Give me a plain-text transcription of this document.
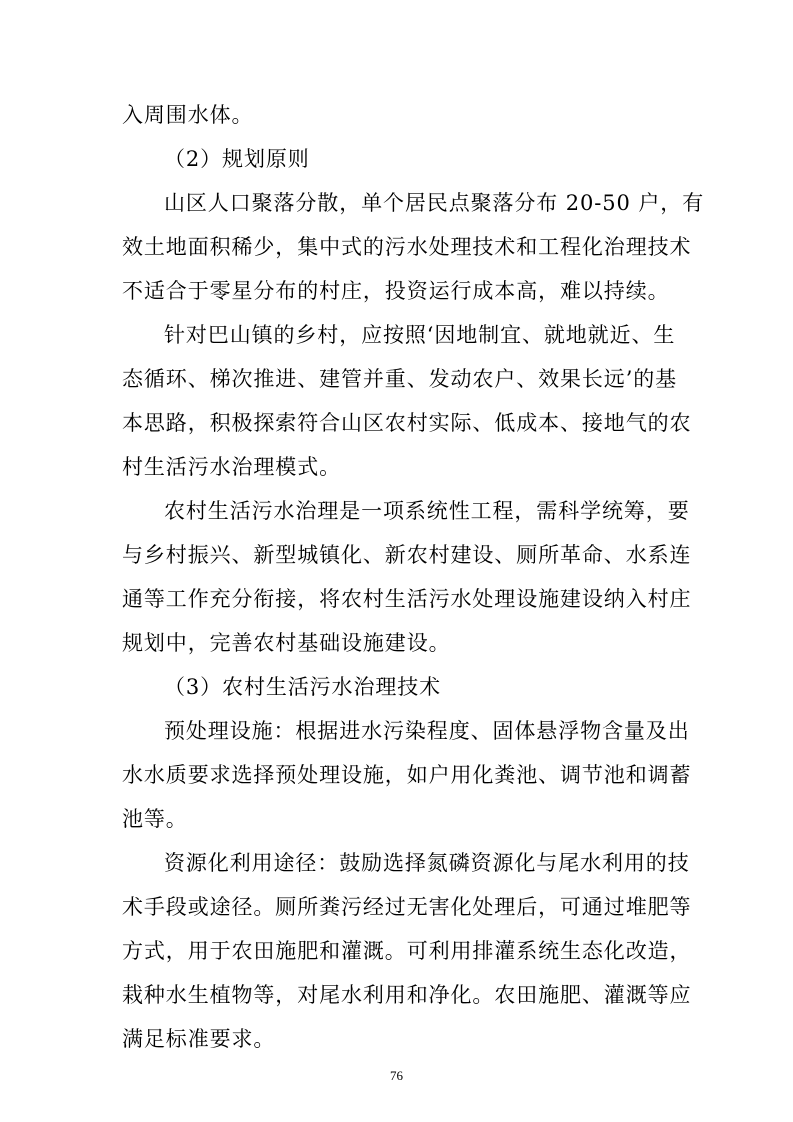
入周围水体。
（2）规划原则
山区人口聚落分散，单个居民点聚落分布 20-50 户，有
效土地面积稀少，集中式的污水处理技术和工程化治理技术
不适合于零星分布的村庄，投资运行成本高，难以持续。
针对巴山镇的乡村，应按照‘因地制宜、就地就近、生
态循环、梯次推进、建管并重、发动农户、效果长远’的基
本思路，积极探索符合山区农村实际、低成本、接地气的农
村生活污水治理模式。
农村生活污水治理是一项系统性工程，需科学统筹，要
与乡村振兴、新型城镇化、新农村建设、厕所革命、水系连
通等工作充分衔接，将农村生活污水处理设施建设纳入村庄
规划中，完善农村基础设施建设。
（3）农村生活污水治理技术
预处理设施：根据进水污染程度、固体悬浮物含量及出
水水质要求选择预处理设施，如户用化粪池、调节池和调蓄
池等。
资源化利用途径：鼓励选择氮磷资源化与尾水利用的技
术手段或途径。厕所粪污经过无害化处理后，可通过堆肥等
方式，用于农田施肥和灌溉。可利用排灌系统生态化改造，
栽种水生植物等，对尾水利用和净化。农田施肥、灌溉等应
满足标准要求。
76
